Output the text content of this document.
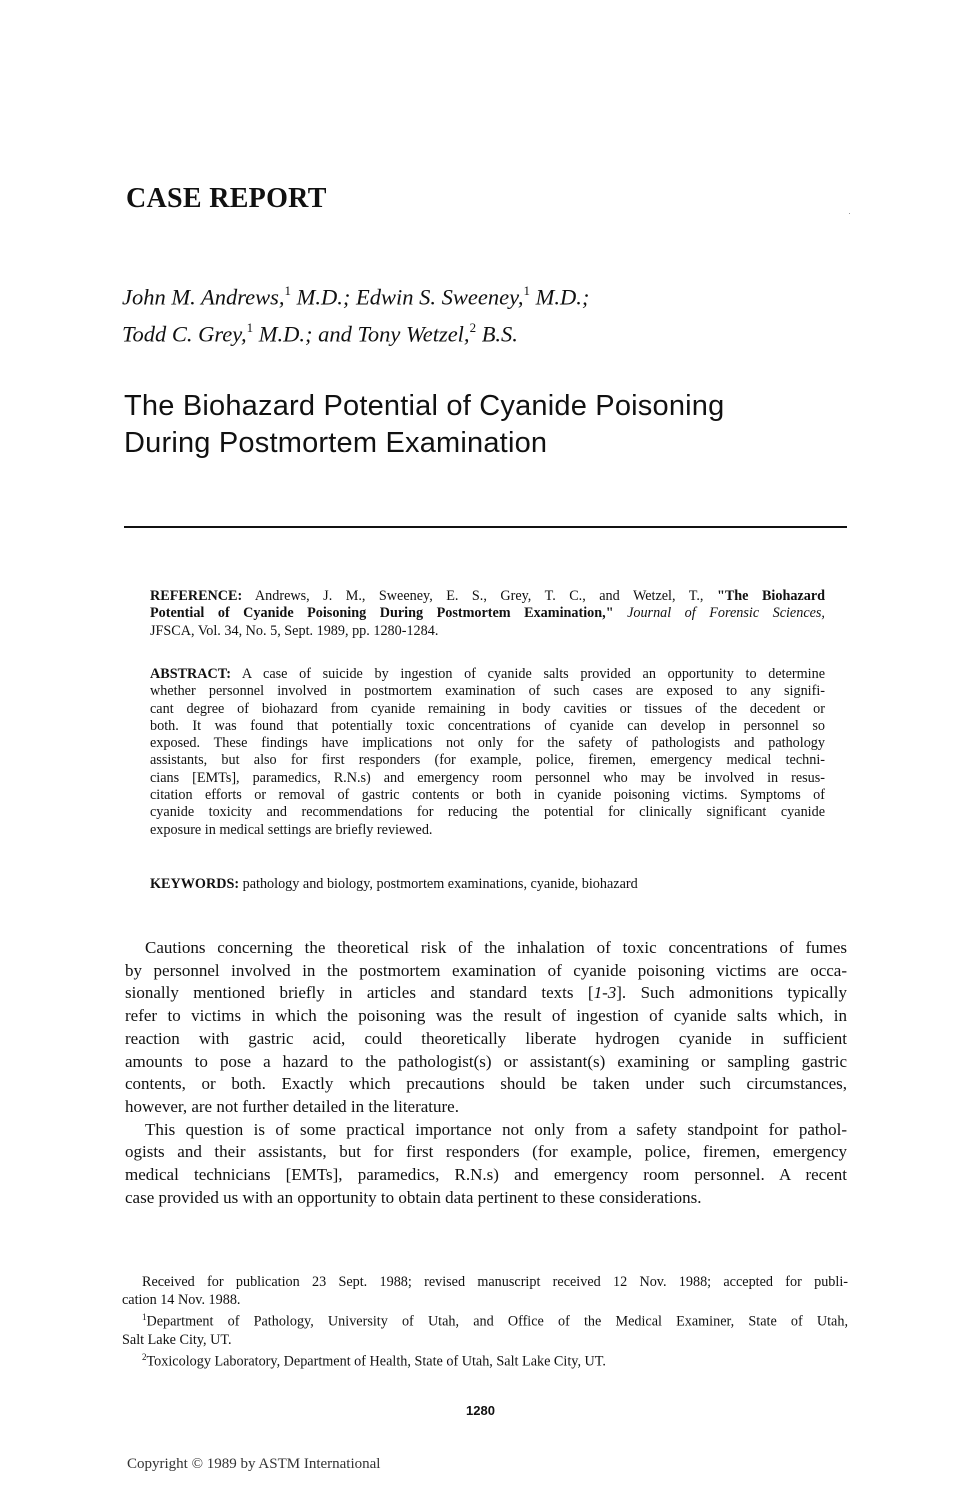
CASE REPORT
John M. Andrews,$^1$ M.D.; Edwin S. Sweeney,$^1$ M.D.;
Todd C. Grey,$^1$ M.D.; and Tony Wetzel,$^2$ B.S.
The Biohazard Potential of Cyanide Poisoning
During Postmortem Examination
REFERENCE: Andrews, J. M., Sweeney, E. S., Grey, T. C., and Wetzel, T., "The Biohazard
Potential of Cyanide Poisoning During Postmortem Examination," Journal of Forensic Sciences,
JFSCA, Vol. 34, No. 5, Sept. 1989, pp. 1280-1284.
ABSTRACT: A case of suicide by ingestion of cyanide salts provided an opportunity to determine
whether personnel involved in postmortem examination of such cases are exposed to any signifi-
cant degree of biohazard from cyanide remaining in body cavities or tissues of the decedent or
both. It was found that potentially toxic concentrations of cyanide can develop in personnel so
exposed. These findings have implications not only for the safety of pathologists and pathology
assistants, but also for first responders (for example, police, firemen, emergency medical techni-
cians [EMTs], paramedics, R.N.s) and emergency room personnel who may be involved in resus-
citation efforts or removal of gastric contents or both in cyanide poisoning victims. Symptoms of
cyanide toxicity and recommendations for reducing the potential for clinically significant cyanide
exposure in medical settings are briefly reviewed.
KEYWORDS: pathology and biology, postmortem examinations, cyanide, biohazard
Cautions concerning the theoretical risk of the inhalation of toxic concentrations of fumes
by personnel involved in the postmortem examination of cyanide poisoning victims are occa-
sionally mentioned briefly in articles and standard texts [1-3]. Such admonitions typically
refer to victims in which the poisoning was the result of ingestion of cyanide salts which, in
reaction with gastric acid, could theoretically liberate hydrogen cyanide in sufficient
amounts to pose a hazard to the pathologist(s) or assistant(s) examining or sampling gastric
contents, or both. Exactly which precautions should be taken under such circumstances,
however, are not further detailed in the literature.
This question is of some practical importance not only from a safety standpoint for pathol-
ogists and their assistants, but for first responders (for example, police, firemen, emergency
medical technicians [EMTs], paramedics, R.N.s) and emergency room personnel. A recent
case provided us with an opportunity to obtain data pertinent to these considerations.
Received for publication 23 Sept. 1988; revised manuscript received 12 Nov. 1988; accepted for publi-
cation 14 Nov. 1988.
$^1$Department of Pathology, University of Utah, and Office of the Medical Examiner, State of Utah,
Salt Lake City, UT.
$^2$Toxicology Laboratory, Department of Health, State of Utah, Salt Lake City, UT.
1280
Copyright © 1989 by ASTM International
